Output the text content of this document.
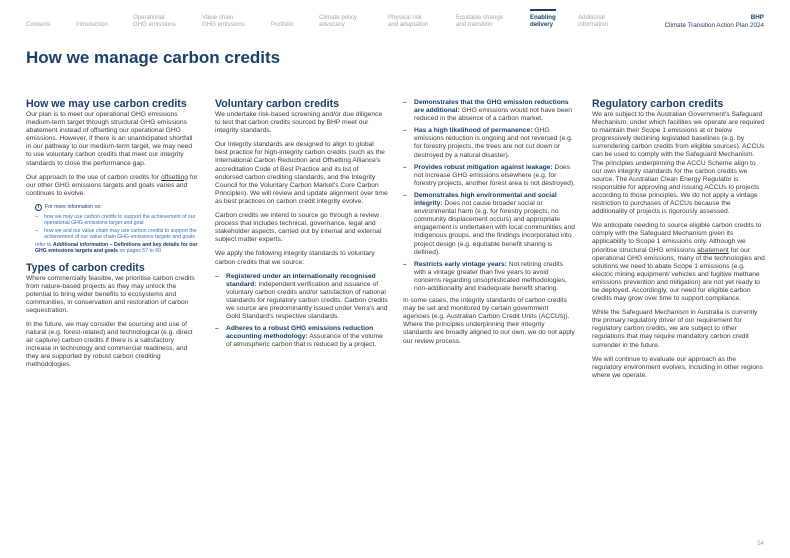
Contents	Introduction
Operational
GHG emissions
Value chain
GHG emissions	Portfolio
Climate policy
advocacy
Physical risk
and adaptation
Equitable change
and transition
Enabling
delivery
Additional
information
BHP
Climate Transition Action Plan 2024
How we manage carbon credits
How we may use carbon credits

Our plan is to meet our operational GHG emissions medium-term target through structural GHG emissions abatement instead of offsetting our operational GHG emissions. However, if there is an unanticipated shortfall in our pathway to our medium-term target, we may need to use voluntary carbon credits that meet our integrity standards to close the performance gap.

Our approach to the use of carbon credits for offsetting for our other GHG emissions targets and goals varies and continues to evolve.

i	For more information on:
– how we may use carbon credits to support the achievement of our operational GHG emissions target and goal
– how we and our value chain may use carbon credits to support the achievement of our value chain GHG emissions targets and goals
refer to Additional information – Definitions and key details for our GHG emissions targets and goals on pages 57 to 60
Types of carbon credits

Where commercially feasible, we prioritise carbon credits from nature-based projects as they may unlock the potential to bring wider benefits to ecosystems and communities, in conservation and restoration of carbon sequestration.

In the future, we may consider the sourcing and use of natural (e.g. forest-related) and technological (e.g. direct air capture) carbon credits if there is a satisfactory increase in technology and commercial readiness, and they are supported by robust carbon crediting methodologies.

Voluntary carbon credits

We undertake risk-based screening and/or due diligence to test that carbon credits sourced by BHP meet our integrity standards.

Our integrity standards are designed to align to global best practice for high-integrity carbon credits (such as the International Carbon Reduction and Offsetting Alliance's accreditation Code of Best Practice and its list of endorsed carbon crediting standards, and the Integrity Council for the Voluntary Carbon Market's Core Carbon Principles). We will review and update alignment over time as best practices on carbon credit integrity evolve.

Carbon credits we intend to source go through a review process that includes technical, governance, legal and stakeholder aspects, carried out by internal and external subject matter experts.

We apply the following integrity standards to voluntary carbon credits that we source:

– Registered under an internationally recognised standard: Independent verification and issuance of voluntary carbon credits and/or satisfaction of national standards for regulatory carbon credits. Carbon credits we source are predominantly issued under Verra's and Gold Standard's respective standards.
– Adheres to a robust GHG emissions reduction accounting methodology: Assurance of the volume of atmospheric carbon that is reduced by a project.
– Demonstrates that the GHG emission reductions are additional: GHG emissions would not have been reduced in the absence of a carbon market.
– Has a high likelihood of permanence: GHG emissions reduction is ongoing and not reversed (e.g. for forestry projects, the trees are not cut down or destroyed by a natural disaster).
– Provides robust mitigation against leakage: Does not increase GHG emissions elsewhere (e.g. for forestry projects, another forest area is not destroyed).
– Demonstrates high environmental and social integrity: Does not cause broader social or environmental harm (e.g. for forestry projects, no community displacement occurs) and appropriate engagement is undertaken with local communities and Indigenous groups, and the findings incorporated into project design (e.g. equitable benefit sharing is defined).
– Restricts early vintage years: Not retiring credits with a vintage greater than five years to avoid concerns regarding unsophisticated methodologies, non-additionality and inadequate benefit sharing.

In some cases, the integrity standards of carbon credits may be set and monitored by certain government agencies (e.g. Australian Carbon Credit Units (ACCUs)). Where the principles underpinning their integrity standards are broadly aligned to our own, we do not apply our review process.

Regulatory carbon credits

We are subject to the Australian Government's Safeguard Mechanism, under which facilities we operate are required to maintain their Scope 1 emissions at or below progressively declining legislated baselines (e.g. by surrendering carbon credits from eligible sources). ACCUs can be used to comply with the Safeguard Mechanism. The principles underpinning the ACCU Scheme align to our own integrity standards for the carbon credits we source. The Australian Clean Energy Regulator is responsible for approving and issuing ACCUs to projects according to those principles. We do not apply a vintage restriction to purchases of ACCUs because the additionality of projects is rigorously assessed.

We anticipate needing to source eligible carbon credits to comply with the Safeguard Mechanism given its applicability to Scope 1 emissions only. Although we prioritise structural GHG emissions abatement for our operational GHG emissions, many of the technologies and solutions we need to abate Scope 1 emissions (e.g. electric mining equipment/ vehicles and fugitive methane emissions prevention and mitigation) are not yet ready to be deployed. Accordingly, our need for eligible carbon credits may grow over time to support compliance.

While the Safeguard Mechanism in Australia is currently the primary regulatory driver of our requirement for regulatory carbon credits, we are subject to other regulations that may require mandatory carbon credit surrender in the future.

We will continue to evaluate our approach as the regulatory environment evolves, including in other regions where we operate.

54
